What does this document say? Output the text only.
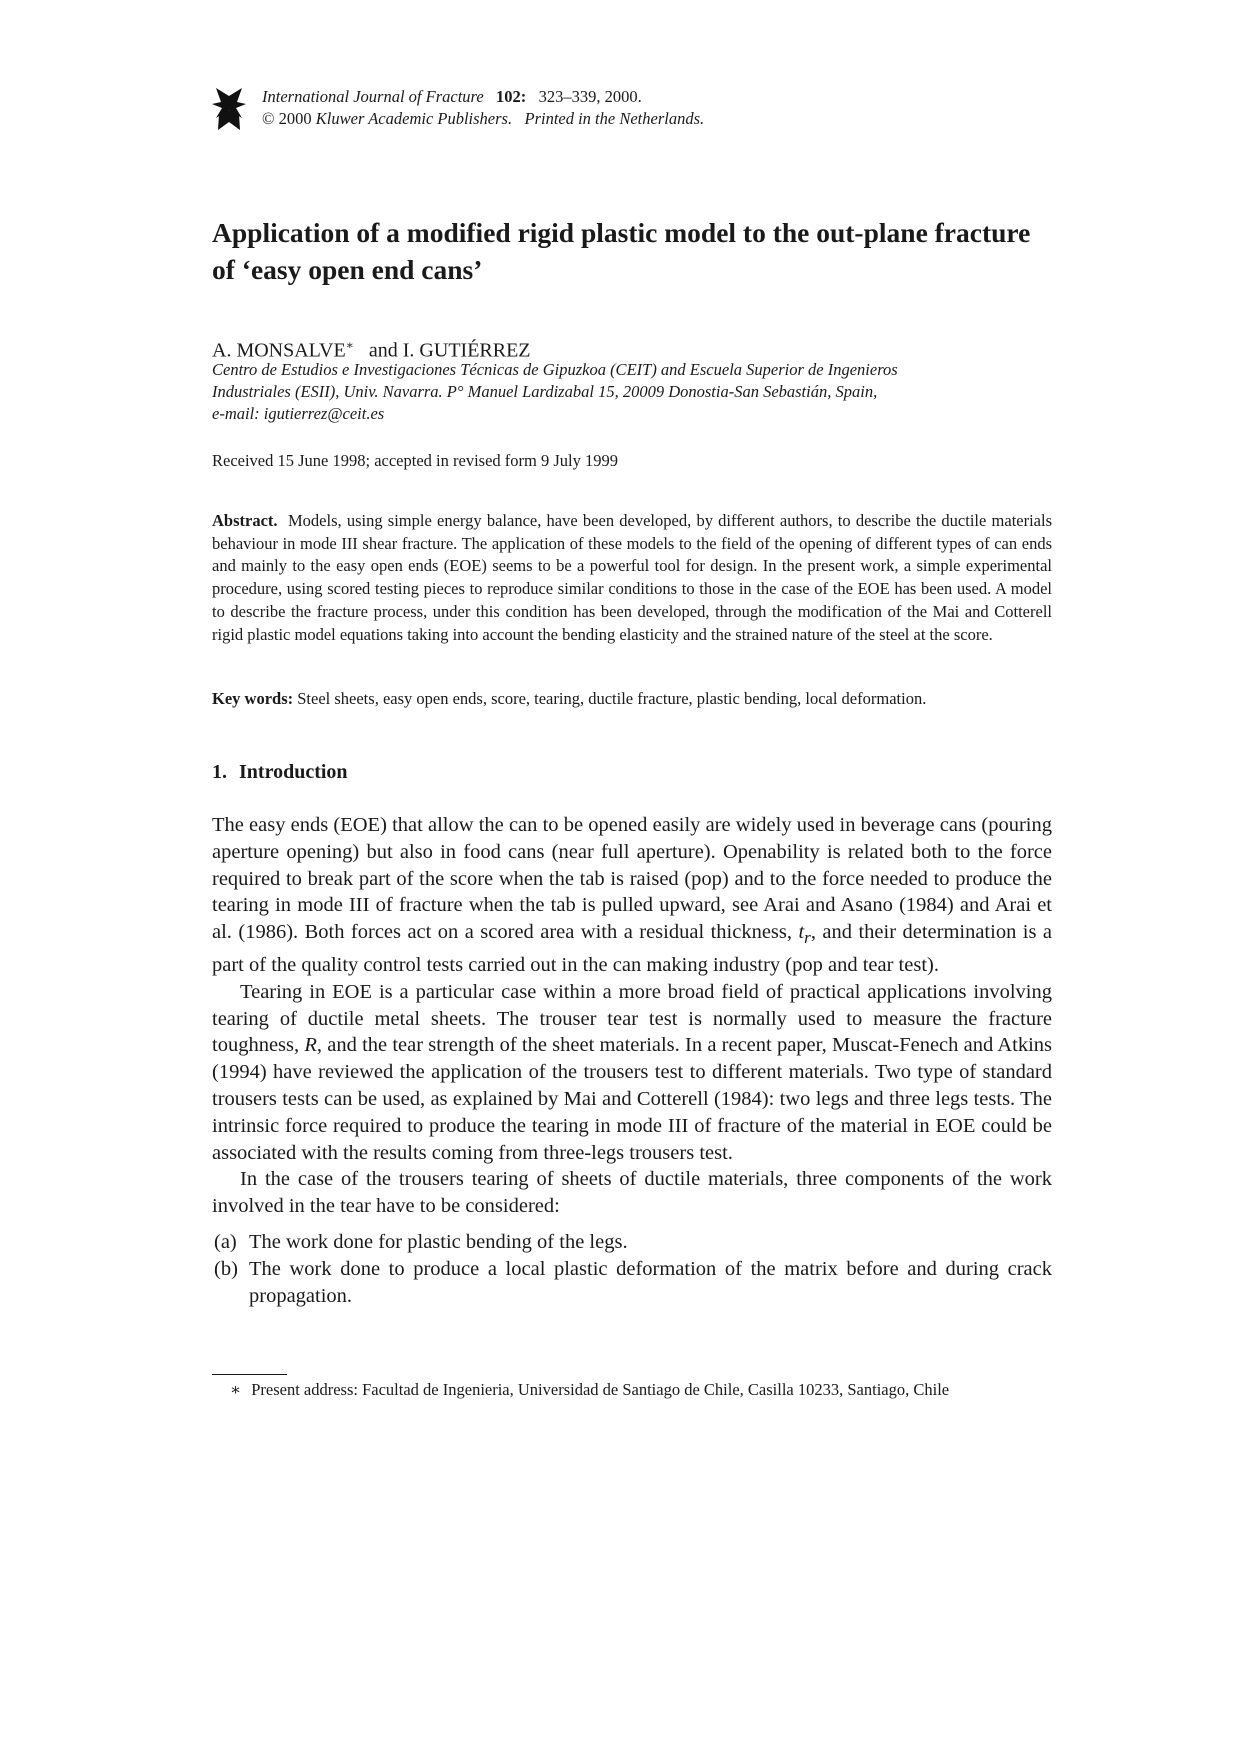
International Journal of Fracture 102: 323–339, 2000.
© 2000 Kluwer Academic Publishers. Printed in the Netherlands.
Application of a modified rigid plastic model to the out-plane fracture of ‘easy open end cans’
A. MONSALVE∗ and I. GUTIÉRREZ
Centro de Estudios e Investigaciones Técnicas de Gipuzkoa (CEIT) and Escuela Superior de Ingenieros
Industriales (ESII), Univ. Navarra. P° Manuel Lardizabal 15, 20009 Donostia-San Sebastián, Spain,
e-mail: igutierrez@ceit.es
Received 15 June 1998; accepted in revised form 9 July 1999

Abstract. Models, using simple energy balance, have been developed, by different authors, to describe the ductile materials behaviour in mode III shear fracture. The application of these models to the field of the opening of different types of can ends and mainly to the easy open ends (EOE) seems to be a powerful tool for design. In the present work, a simple experimental procedure, using scored testing pieces to reproduce similar conditions to those in the case of the EOE has been used. A model to describe the fracture process, under this condition has been developed, through the modification of the Mai and Cotterell rigid plastic model equations taking into account the bending elasticity and the strained nature of the steel at the score.

Key words: Steel sheets, easy open ends, score, tearing, ductile fracture, plastic bending, local deformation.
1. Introduction

The easy ends (EOE) that allow the can to be opened easily are widely used in beverage cans (pouring aperture opening) but also in food cans (near full aperture). Openability is related both to the force required to break part of the score when the tab is raised (pop) and to the force needed to produce the tearing in mode III of fracture when the tab is pulled upward, see Arai and Asano (1984) and Arai et al. (1986). Both forces act on a scored area with a residual thickness, $t_r$, and their determination is a part of the quality control tests carried out in the can making industry (pop and tear test).

Tearing in EOE is a particular case within a more broad field of practical applications involving tearing of ductile metal sheets. The trouser tear test is normally used to measure the fracture toughness, R, and the tear strength of the sheet materials. In a recent paper, Muscat-Fenech and Atkins (1994) have reviewed the application of the trousers test to different materials. Two type of standard trousers tests can be used, as explained by Mai and Cotterell (1984): two legs and three legs tests. The intrinsic force required to produce the tearing in mode III of fracture of the material in EOE could be associated with the results coming from three-legs trousers test.

In the case of the trousers tearing of sheets of ductile materials, three components of the work involved in the tear have to be considered:

(a) The work done for plastic bending of the legs.
(b) The work done to produce a local plastic deformation of the matrix before and during crack propagation.
∗ Present address: Facultad de Ingenieria, Universidad de Santiago de Chile, Casilla 10233, Santiago, Chile
